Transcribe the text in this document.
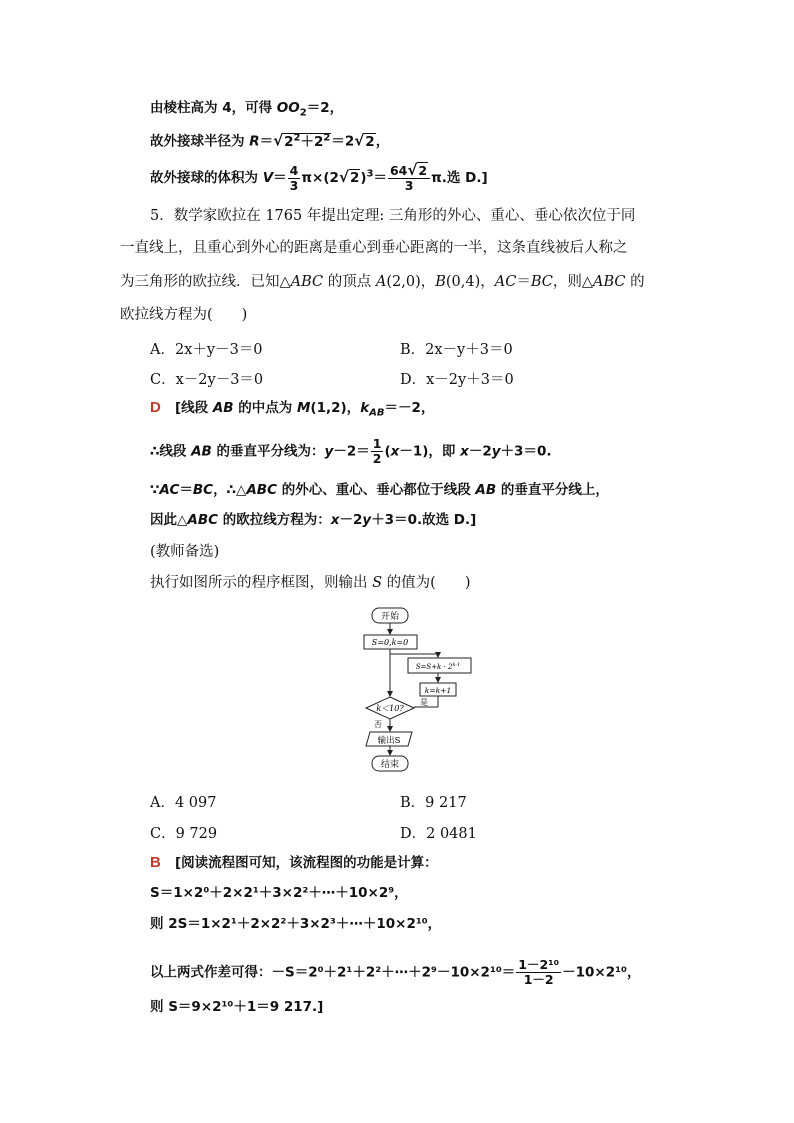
由棱柱高为 4，可得 $OO_2=2$，
故外接球半径为 $R=√2^2+2^2=2√2$，
故外接球的体积为 $V= \frac{4}{3} \pi\times(2√2)^3= \frac{64√2}{3} \pi$.选 D.]
5．数学家欧拉在 1765 年提出定理: 三角形的外心、重心、垂心依次位于同
一直线上，且重心到外心的距离是重心到垂心距离的一半，这条直线被后人称之
为三角形的欧拉线．已知△ABC 的顶点 A(2,0)，B(0,4)，AC＝BC，则△ABC 的
欧拉线方程为(　　)
A．2x＋y－3＝0	B．2x－y＋3＝0
C．x－2y－3＝0	D．x－2y＋3＝0
D [线段 AB 的中点为 M(1,2)，$k_{AB}=-2$，
∴线段 AB 的垂直平分线为：$y-2= \frac{1}{2} (x-1)$，即 x－2y＋3＝0.
∵AC＝BC，∴△ABC 的外心、重心、垂心都位于线段 AB 的垂直平分线上，
因此△ABC 的欧拉线方程为：x－2y＋3＝0.故选 D.]
(教师备选)
执行如图所示的程序框图，则输出 S 的值为(　　)
开始
S=0,k=0
$S=S+k \cdot 2^{k-1}$
k=k+1
k＜10?
是
否
输出S
结束
A．4 097	B．9 217
C．9 729	D．2 0481
B [阅读流程图可知，该流程图的功能是计算：
S＝1×2⁰＋2×2¹＋3×2²＋⋯＋10×2⁹，
则 2S＝1×2¹＋2×2²＋3×2³＋⋯＋10×2¹⁰，
以上两式作差可得：－S＝2⁰＋2¹＋2²＋⋯＋2⁹－10×2¹⁰＝ $\frac{\text{1－2¹⁰}}{1-2} -10\times 2^{10}$，
则 S＝9×2¹⁰＋1＝9 217.]
